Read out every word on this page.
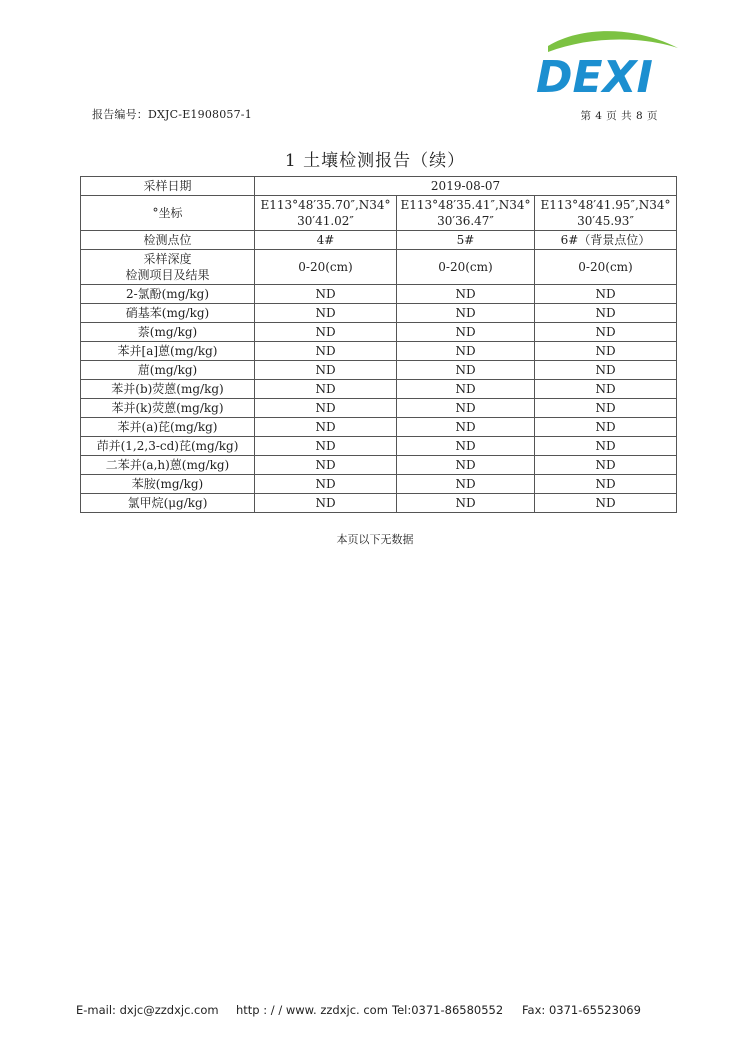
DEXI
报告编号：DXJC-E1908057-1	第 4 页 共 8 页
1 土壤检测报告（续）
采样日期	2019-08-07		
°坐标	E113°48′35.70″,N34° 30′41.02″	E113°48′35.41″,N34° 30′36.47″	E113°48′41.95″,N34° 30′45.93″
检测点位	4#	5#	6#（背景点位）

采样深度
检测项目及结果	0-20(cm)	0-20(cm)	0-20(cm)
2-氯酚(mg/kg)	ND	ND	ND
硝基苯(mg/kg)	ND	ND	ND
萘(mg/kg)	ND	ND	ND
苯并[a]蒽(mg/kg)	ND	ND	ND
䓛(mg/kg)	ND	ND	ND
苯并(b)荧蒽(mg/kg)	ND	ND	ND
苯并(k)荧蒽(mg/kg)	ND	ND	ND
苯并(a)芘(mg/kg)	ND	ND	ND
茚并(1,2,3-cd)芘(mg/kg)	ND	ND	ND
二苯并(a,h)蒽(mg/kg)	ND	ND	ND
苯胺(mg/kg)	ND	ND	ND
氯甲烷(μg/kg)	ND	ND	ND
本页以下无数据
E-mail: dxjc@zzdxjc.com http : / / www. zzdxjc. com Tel:0371-86580552 Fax: 0371-65523069
